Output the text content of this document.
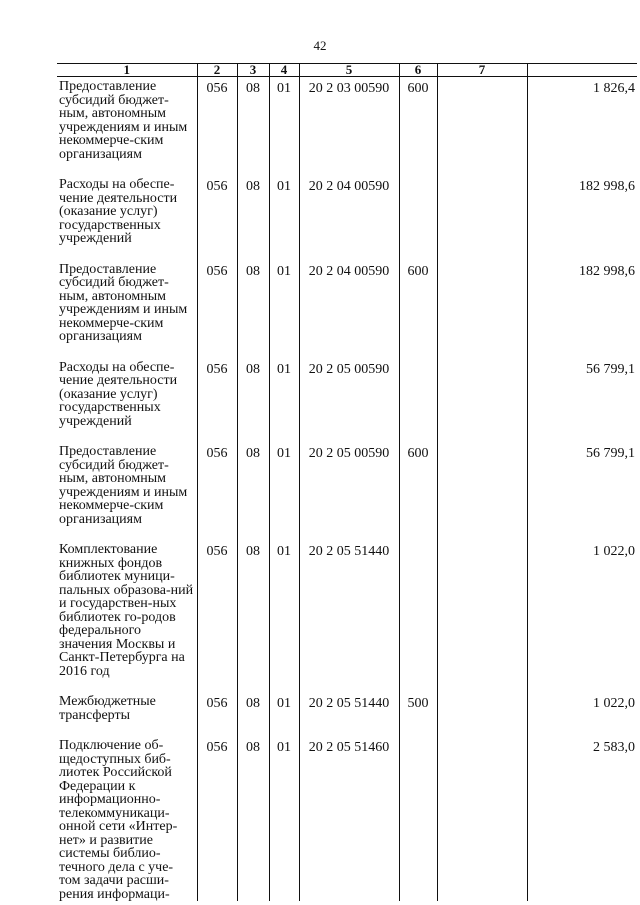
42
1	2	3	4	5	6	7	
Предоставление субсидий бюджет-ным, автономным учреждениям и иным некоммерче-ским организациям	056	08	01	20 2 03 00590	600		1 826,4
Расходы на обеспе-чение деятельности (оказание услуг) государственных учреждений	056	08	01	20 2 04 00590			182 998,6
Предоставление субсидий бюджет-ным, автономным учреждениям и иным некоммерче-ским организациям	056	08	01	20 2 04 00590	600		182 998,6
Расходы на обеспе-чение деятельности (оказание услуг) государственных учреждений	056	08	01	20 2 05 00590			56 799,1
Предоставление субсидий бюджет-ным, автономным учреждениям и иным некоммерче-ским организациям	056	08	01	20 2 05 00590	600		56 799,1
Комплектование книжных фондов библиотек муници-пальных образова-ний и государствен-ных библиотек го-родов федерального значения Москвы и Санкт-Петербурга на 2016 год	056	08	01	20 2 05 51440			1 022,0
Межбюджетные трансферты	056	08	01	20 2 05 51440	500		1 022,0
Подключение об-щедоступных биб-лиотек Российской Федерации к информационно-телекоммуникаци-онной сети «Интер-нет» и развитие системы библио-течного дела с уче-том задачи расши-рения информаци-	056	08	01	20 2 05 51460			2 583,0
